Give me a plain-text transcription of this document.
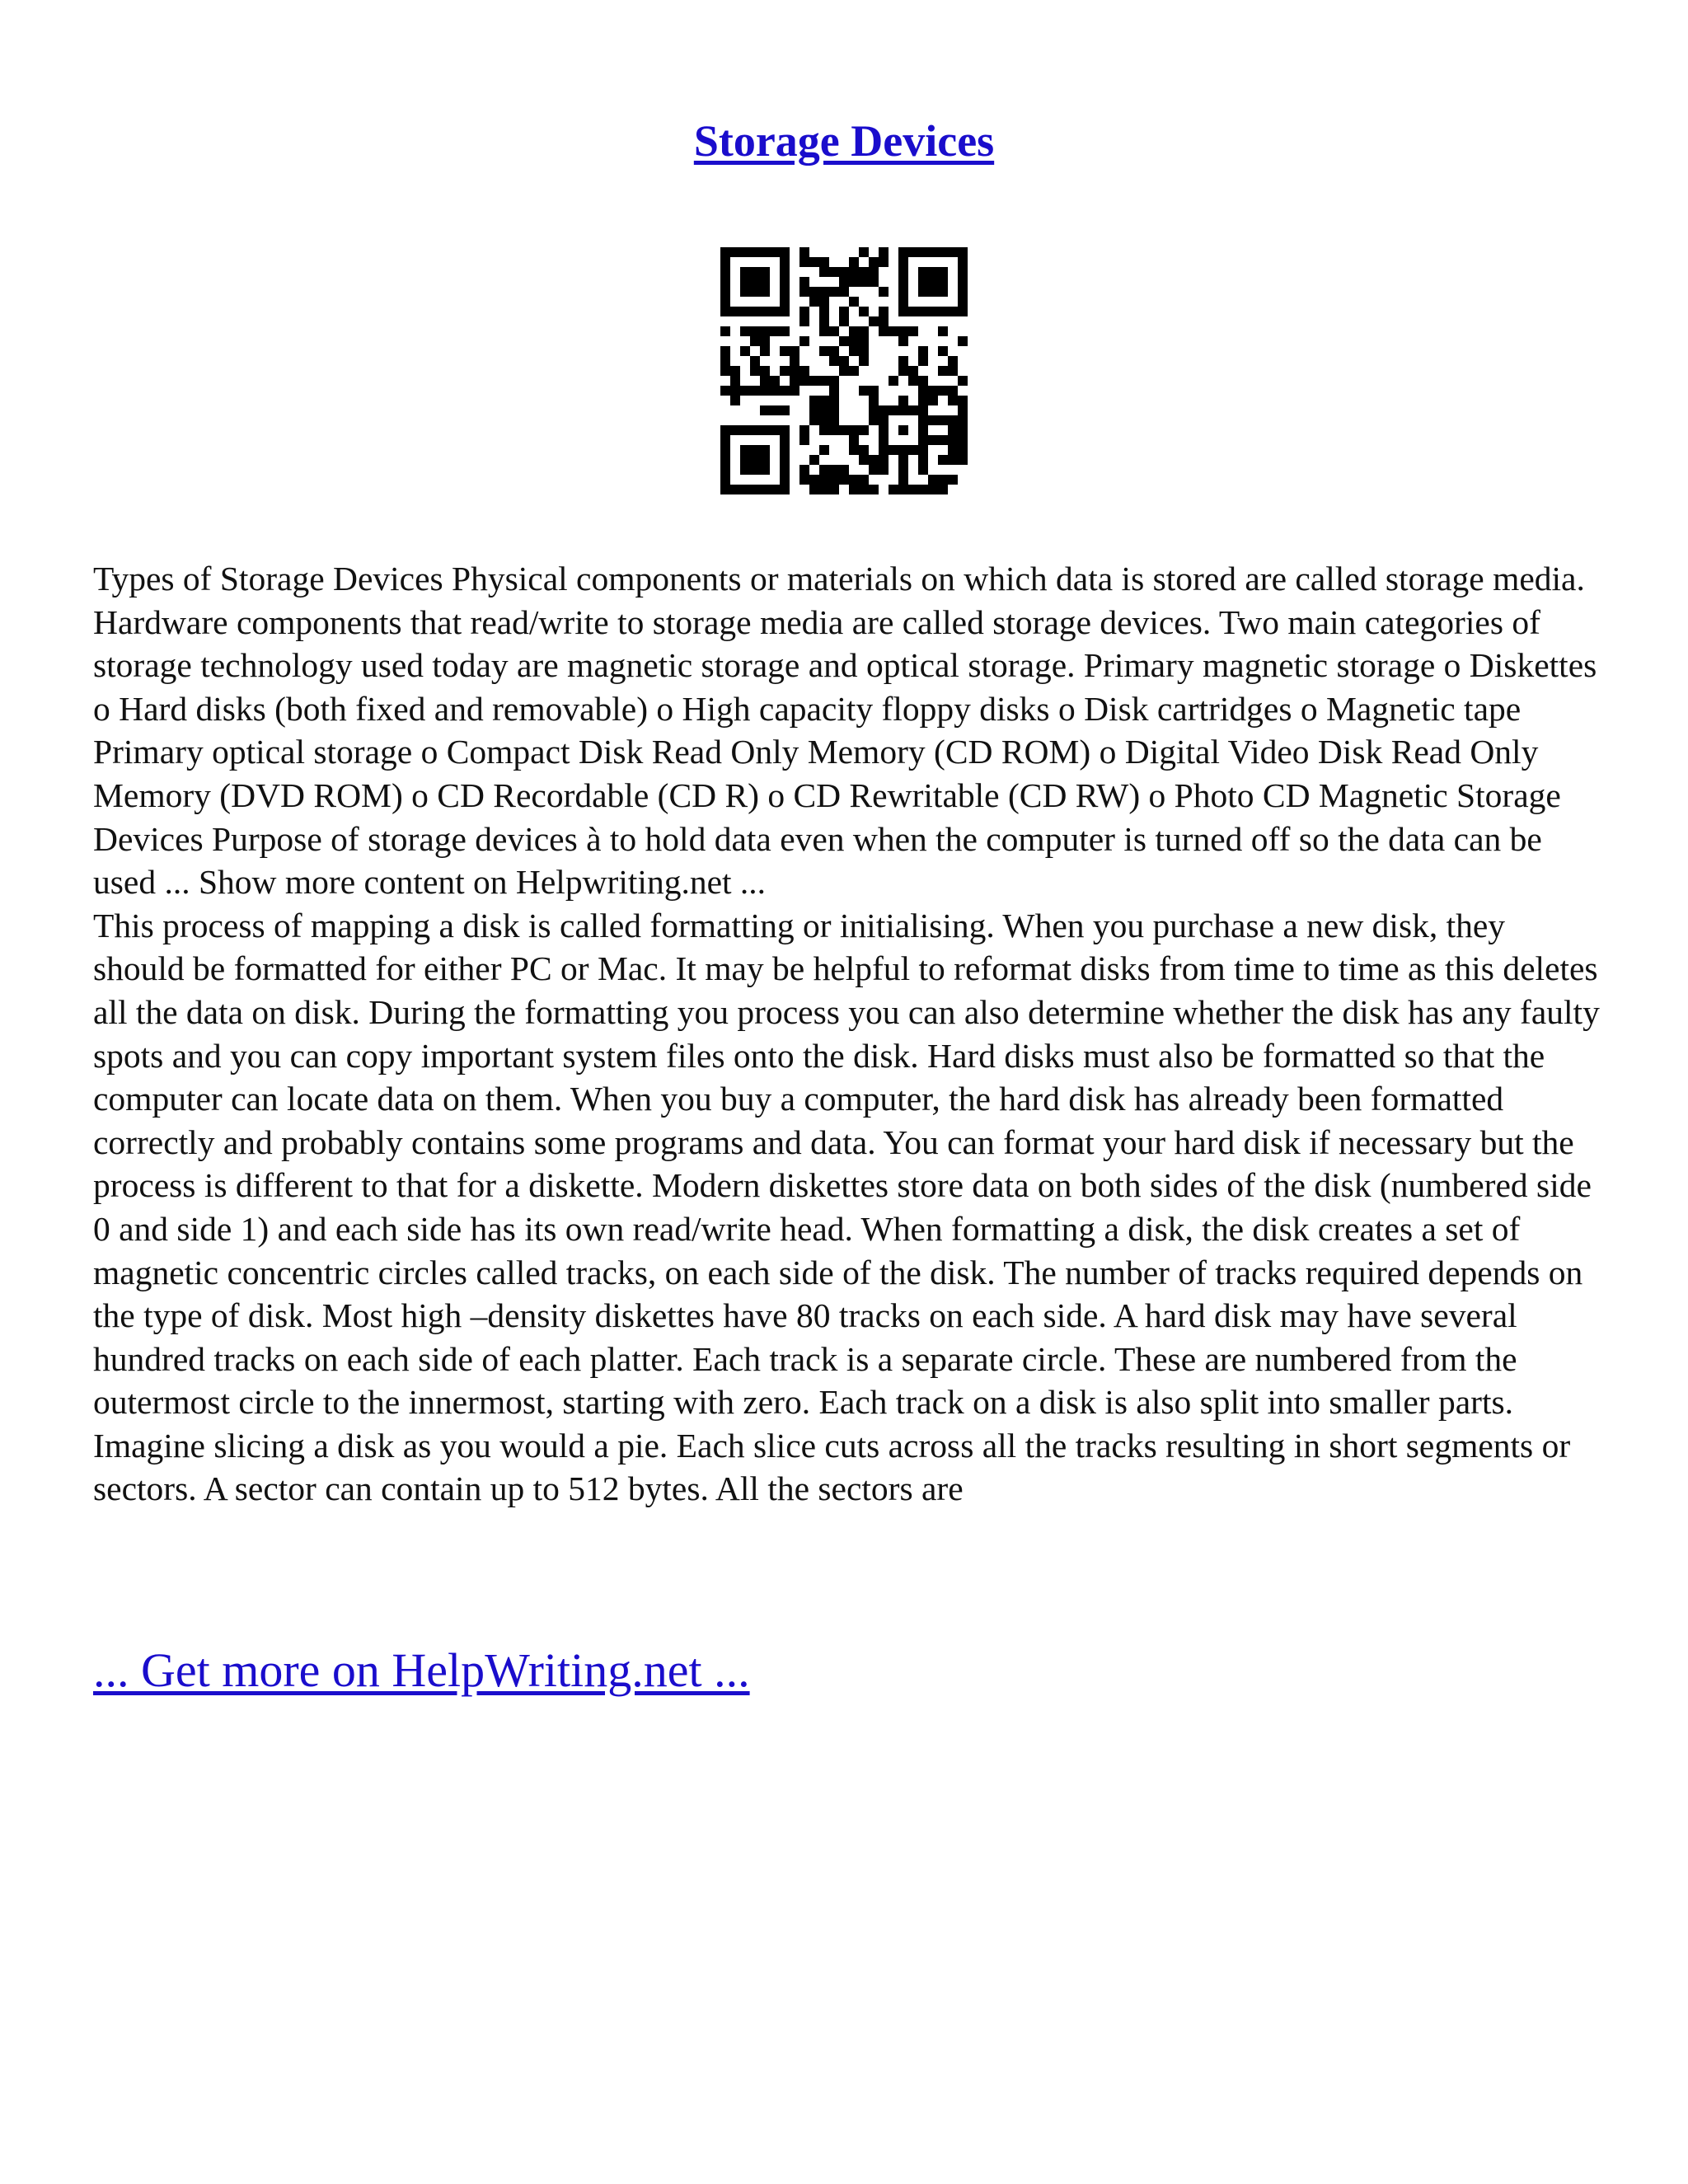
Storage Devices

Types of Storage Devices Physical components or materials on which data is stored are called storage media. Hardware components that read/write to storage media are called storage devices. Two main categories of storage technology used today are magnetic storage and optical storage. Primary magnetic storage o Diskettes o Hard disks (both fixed and removable) o High capacity floppy disks o Disk cartridges o Magnetic tape Primary optical storage o Compact Disk Read Only Memory (CD ROM) o Digital Video Disk Read Only Memory (DVD ROM) o CD Recordable (CD R) o CD Rewritable (CD RW) o Photo CD Magnetic Storage Devices Purpose of storage devices à to hold data even when the computer is turned off so the data can be used ... Show more content on Helpwriting.net ...

This process of mapping a disk is called formatting or initialising. When you purchase a new disk, they should be formatted for either PC or Mac. It may be helpful to reformat disks from time to time as this deletes all the data on disk. During the formatting you process you can also determine whether the disk has any faulty spots and you can copy important system files onto the disk. Hard disks must also be formatted so that the computer can locate data on them. When you buy a computer, the hard disk has already been formatted correctly and probably contains some programs and data. You can format your hard disk if necessary but the process is different to that for a diskette. Modern diskettes store data on both sides of the disk (numbered side 0 and side 1) and each side has its own read/write head. When formatting a disk, the disk creates a set of magnetic concentric circles called tracks, on each side of the disk. The number of tracks required depends on the type of disk. Most high –density diskettes have 80 tracks on each side. A hard disk may have several hundred tracks on each side of each platter. Each track is a separate circle. These are numbered from the outermost circle to the innermost, starting with zero. Each track on a disk is also split into smaller parts. Imagine slicing a disk as you would a pie. Each slice cuts across all the tracks resulting in short segments or sectors. A sector can contain up to 512 bytes. All the sectors are

... Get more on HelpWriting.net ...
